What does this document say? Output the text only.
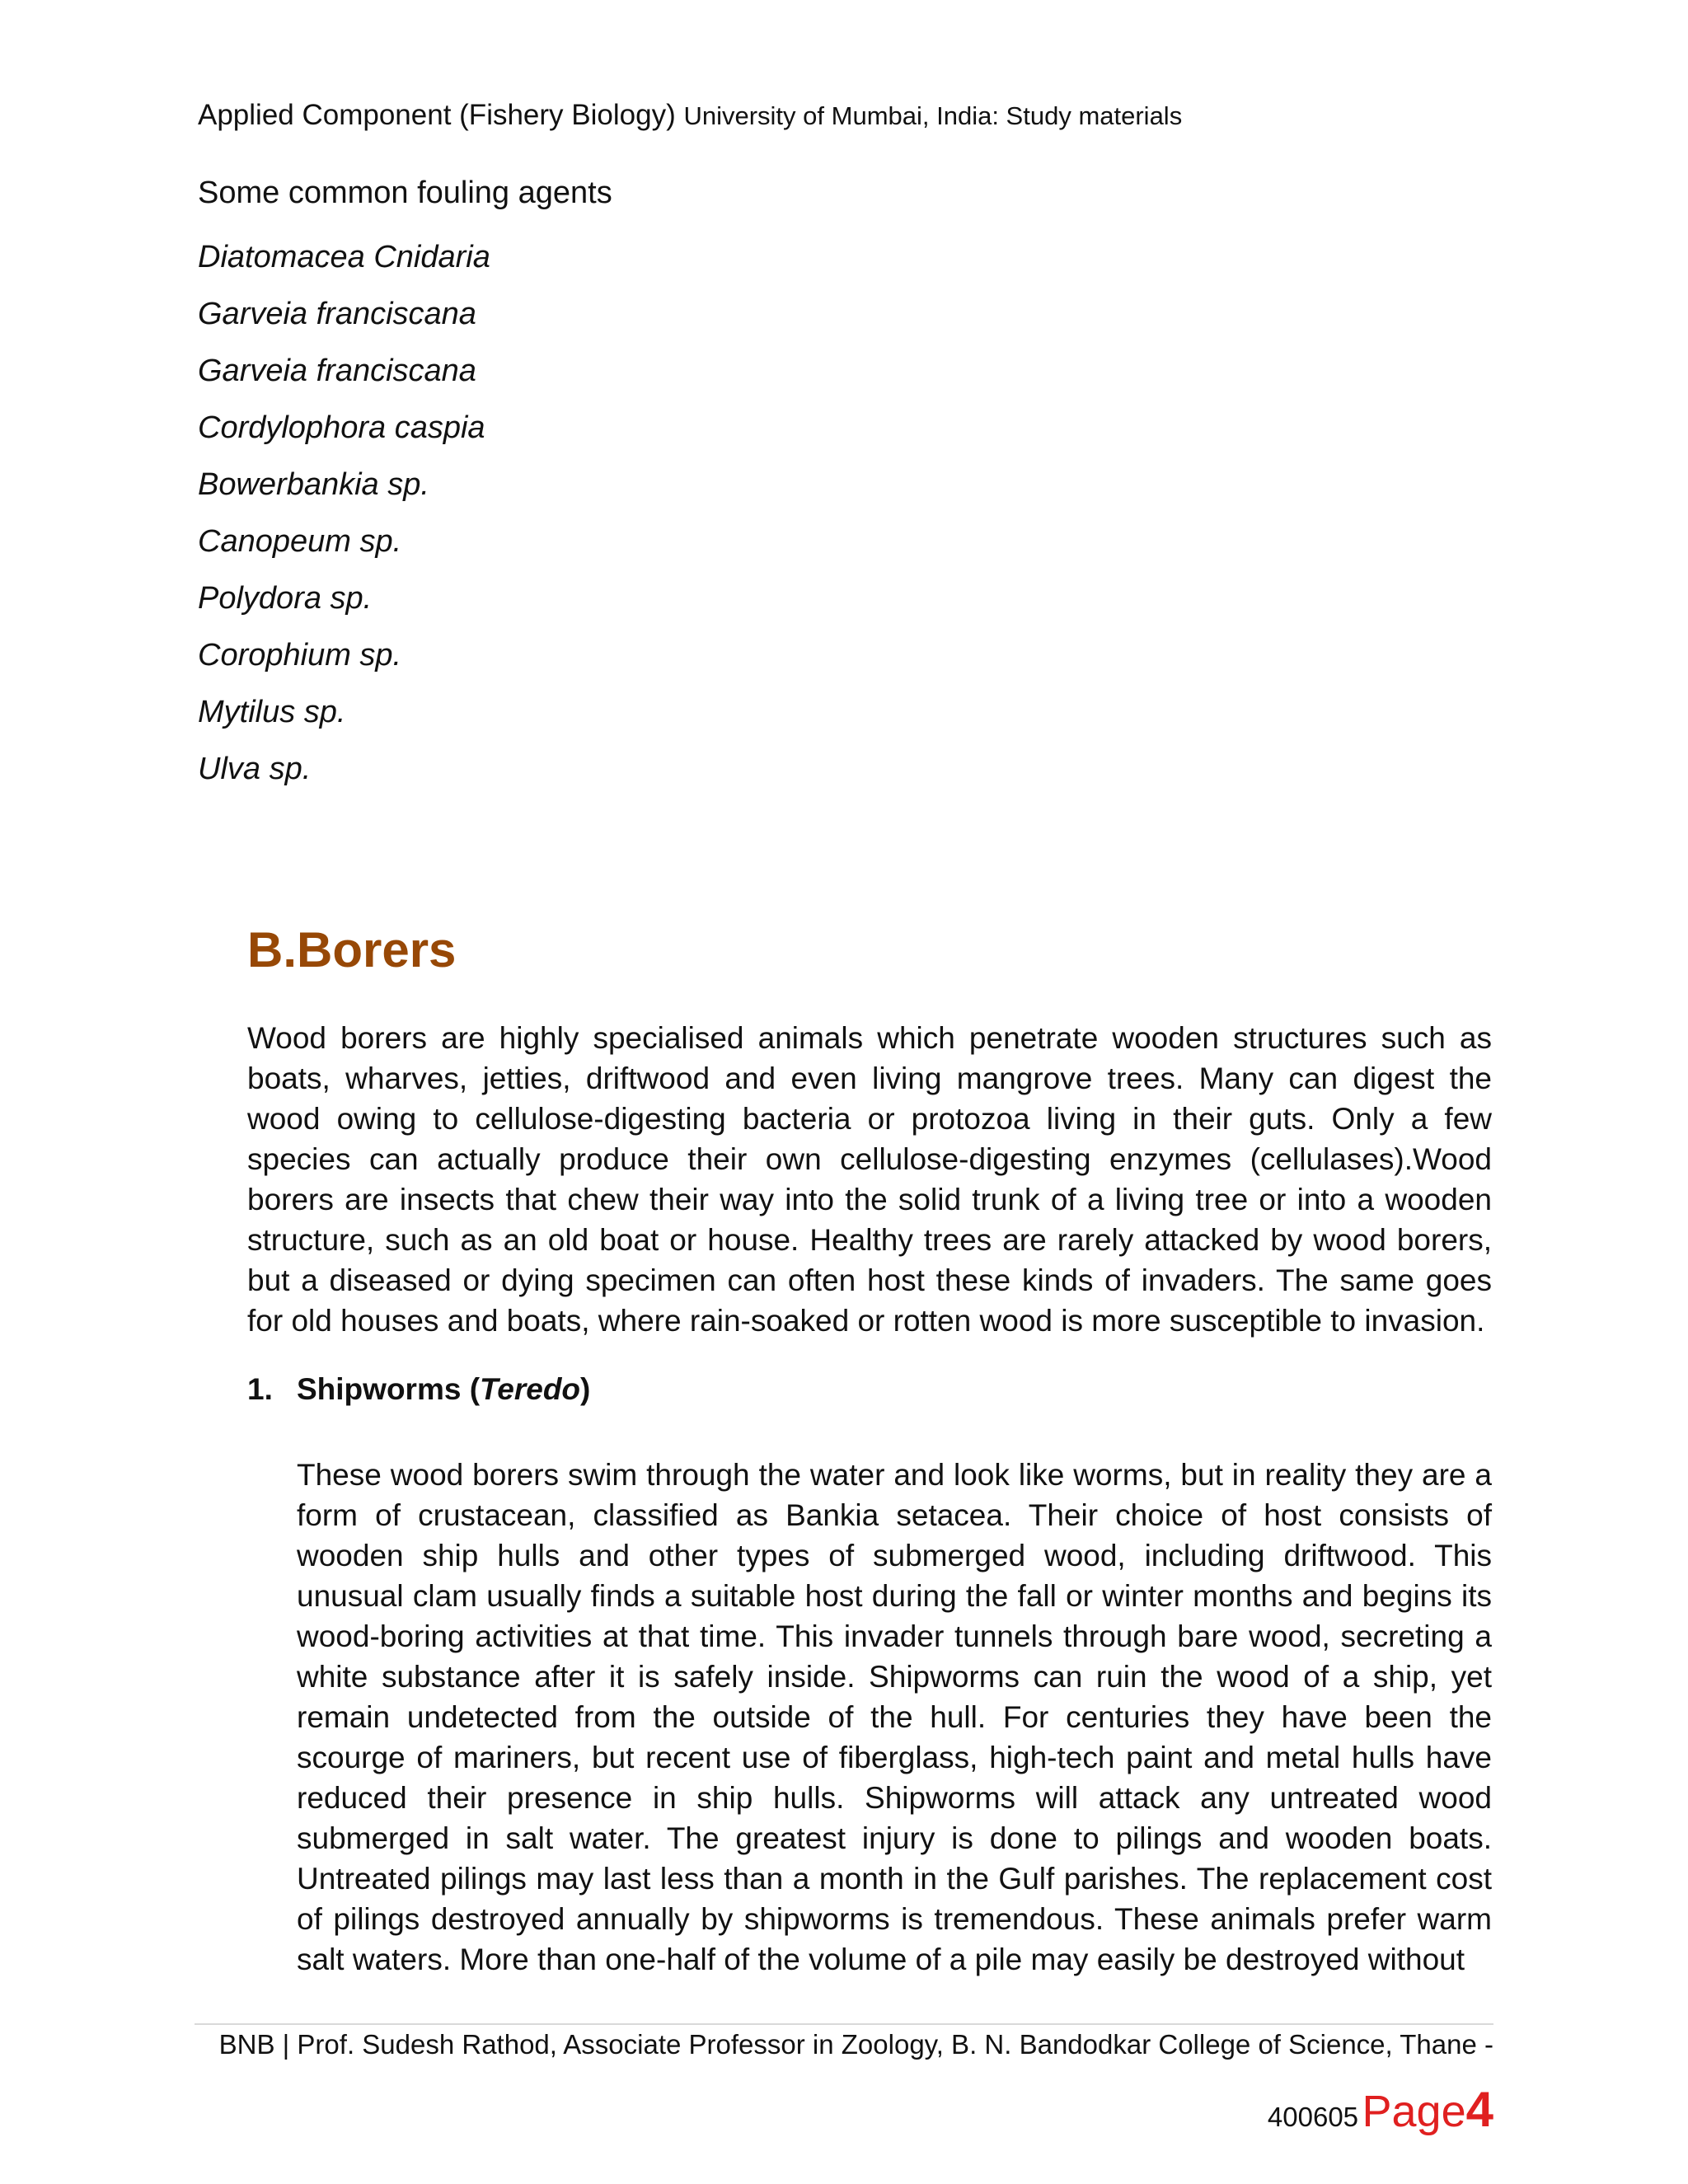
Applied Component (Fishery Biology) University of Mumbai, India: Study materials
Some common fouling agents
Diatomacea Cnidaria
Garveia franciscana
Garveia franciscana
Cordylophora caspia
Bowerbankia sp.
Canopeum sp.
Polydora sp.
Corophium sp.
Mytilus sp.
Ulva sp.
B.Borers

Wood borers are highly specialised animals which penetrate wooden structures such as boats, wharves, jetties, driftwood and even living mangrove trees. Many can digest the wood owing to cellulose-digesting bacteria or protozoa living in their guts. Only a few species can actually produce their own cellulose-digesting enzymes (cellulases).Wood borers are insects that chew their way into the solid trunk of a living tree or into a wooden structure, such as an old boat or house. Healthy trees are rarely attacked by wood borers, but a diseased or dying specimen can often host these kinds of invaders. The same goes for old houses and boats, where rain-soaked or rotten wood is more susceptible to invasion.

1. Shipworms (Teredo)

These wood borers swim through the water and look like worms, but in reality they are a form of crustacean, classified as Bankia setacea. Their choice of host consists of wooden ship hulls and other types of submerged wood, including driftwood. This unusual clam usually finds a suitable host during the fall or winter months and begins its wood-boring activities at that time. This invader tunnels through bare wood, secreting a white substance after it is safely inside. Shipworms can ruin the wood of a ship, yet remain undetected from the outside of the hull. For centuries they have been the scourge of mariners, but recent use of fiberglass, high-tech paint and metal hulls have reduced their presence in ship hulls. Shipworms will attack any untreated wood submerged in salt water. The greatest injury is done to pilings and wooden boats. Untreated pilings may last less than a month in the Gulf parishes. The replacement cost of pilings destroyed annually by shipworms is tremendous. These animals prefer warm salt waters. More than one-half of the volume of a pile may easily be destroyed without

BNB | Prof. Sudesh Rathod, Associate Professor in Zoology, B. N. Bandodkar College of Science, Thane -
400605 Page4
